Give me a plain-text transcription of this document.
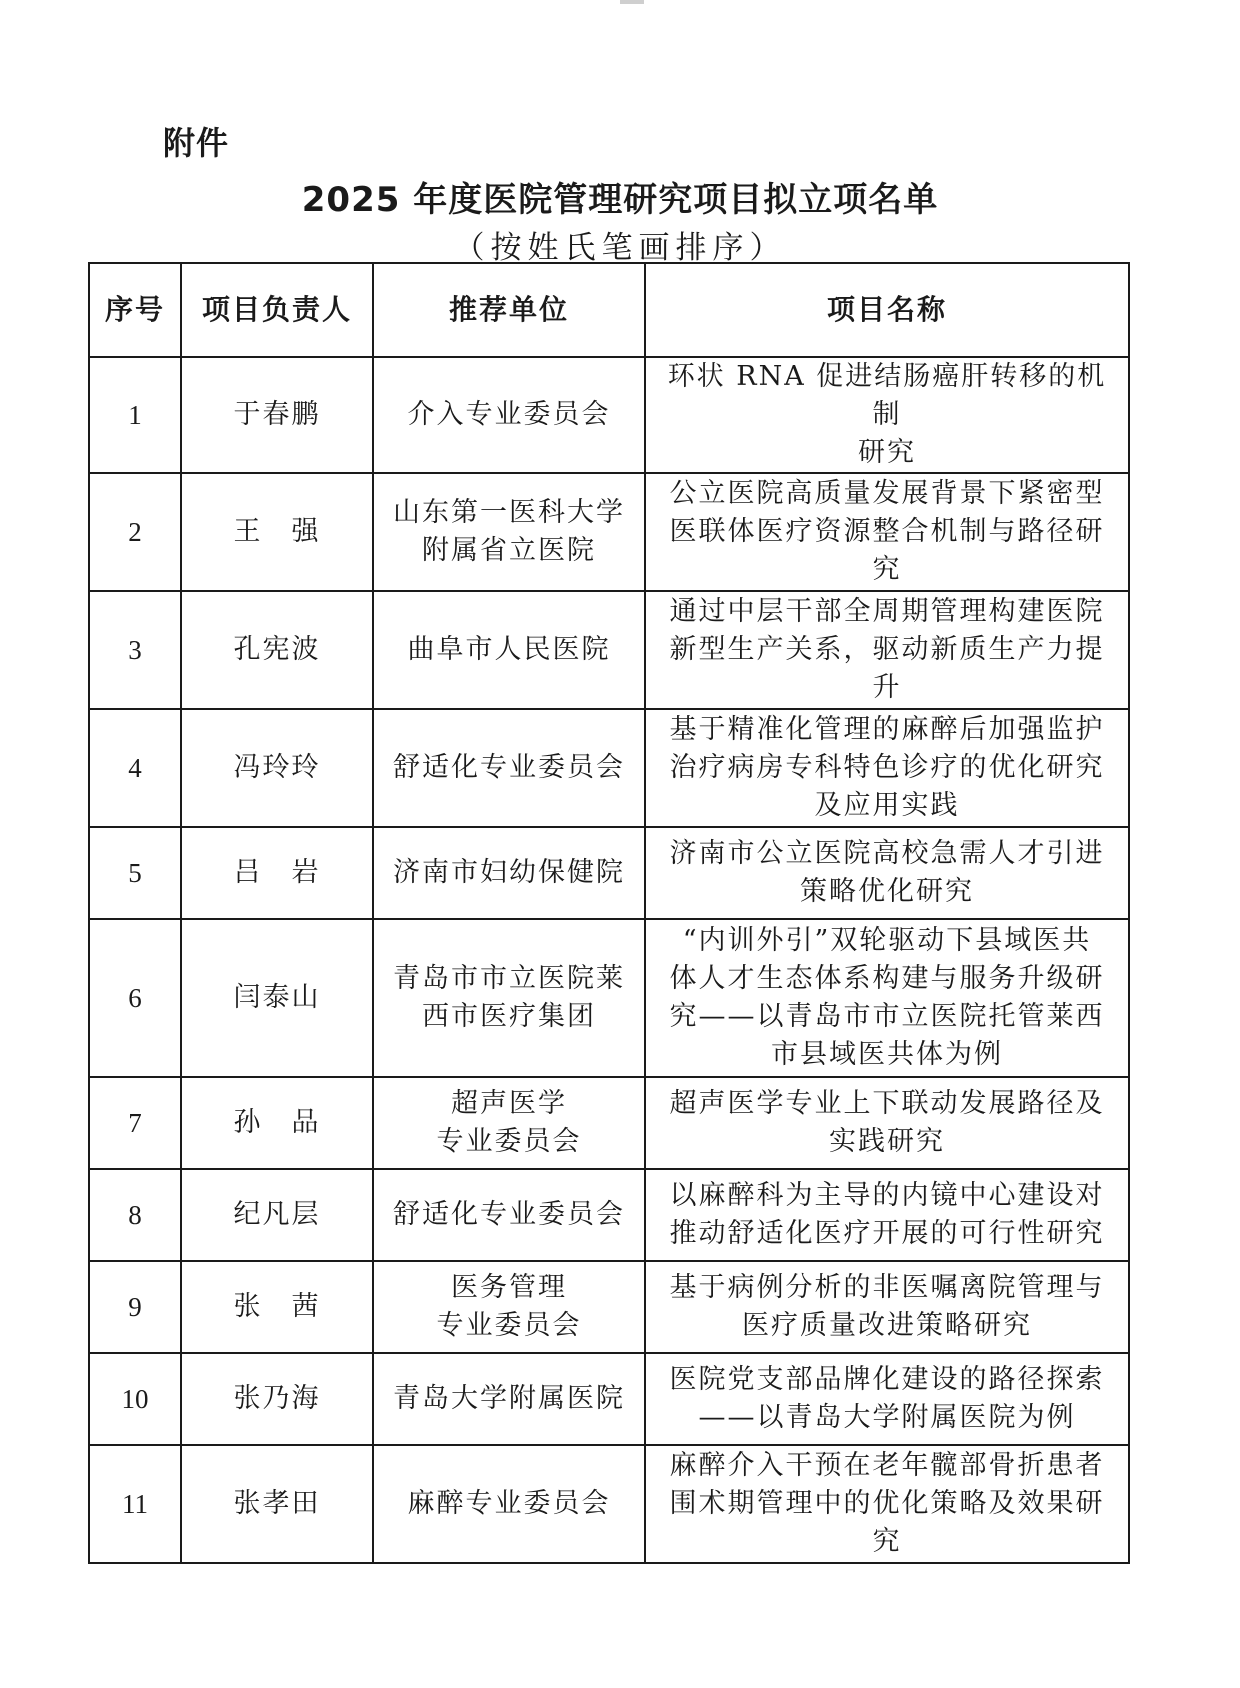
附件
2025 年度医院管理研究项目拟立项名单
（按姓氏笔画排序）
序号	项目负责人	推荐单位	项目名称
1	于春鹏	介入专业委员会	环状 RNA 促进结肠癌肝转移的机制
研究

2	王　强	山东第一医科大学
附属省立医院	公立医院高质量发展背景下紧密型
医联体医疗资源整合机制与路径研
究

3	孔宪波	曲阜市人民医院	通过中层干部全周期管理构建医院
新型生产关系，驱动新质生产力提
升

4	冯玲玲	舒适化专业委员会	基于精准化管理的麻醉后加强监护
治疗病房专科特色诊疗的优化研究
及应用实践

5	吕　岩	济南市妇幼保健院	济南市公立医院高校急需人才引进
策略优化研究

6	闫泰山	青岛市市立医院莱
西市医疗集团	“内训外引”双轮驱动下县域医共
体人才生态体系构建与服务升级研
究——以青岛市市立医院托管莱西
市县域医共体为例

7	孙　品	超声医学
专业委员会	超声医学专业上下联动发展路径及
实践研究

8	纪凡层	舒适化专业委员会	以麻醉科为主导的内镜中心建设对
推动舒适化医疗开展的可行性研究

9	张　茜	医务管理
专业委员会	基于病例分析的非医嘱离院管理与
医疗质量改进策略研究

10	张乃海	青岛大学附属医院	医院党支部品牌化建设的路径探索
——以青岛大学附属医院为例

11	张孝田	麻醉专业委员会	麻醉介入干预在老年髋部骨折患者
围术期管理中的优化策略及效果研
究
